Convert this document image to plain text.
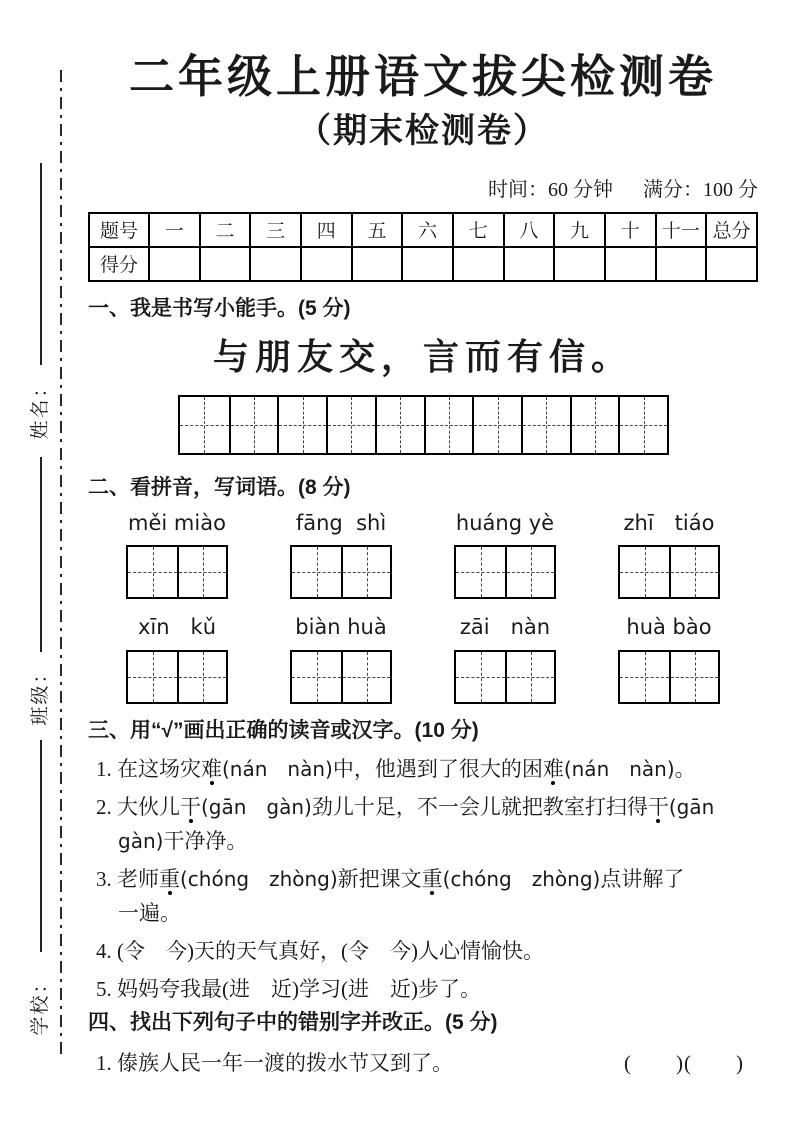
姓名：
班级：
学校：
二年级上册语文拔尖检测卷
（期末检测卷）
时间：60 分钟 满分：100 分
题号	一	二	三	四	五	六	七	八	九	十	十一	总分
得分												
一、我是书写小能手。(5 分)
与朋友交，言而有信。
二、看拼音，写词语。(8 分)
měi miào	fāng  shì	huáng yè	zhī　tiáo
xīn　kǔ	biàn huà	zāi　nàn	huà bào
三、用“√”画出正确的读音或汉字。(10 分)
1. 在这场灾难(nán　nàn)中，他遇到了很大的困难(nán　nàn)。
2. 大伙儿干(gān　gàn)劲儿十足，不一会儿就把教室打扫得干(gān
gàn)干净净。
3. 老师重(chóng　zhòng)新把课文重(chóng　zhòng)点讲解了
一遍。
4. (令　今)天的天气真好，(令　今)人心情愉快。
5. 妈妈夸我最(进　近)学习(进　近)步了。
四、找出下列句子中的错别字并改正。(5 分)
1. 傣族人民一年一渡的拨水节又到了。	(　　)(　　)
